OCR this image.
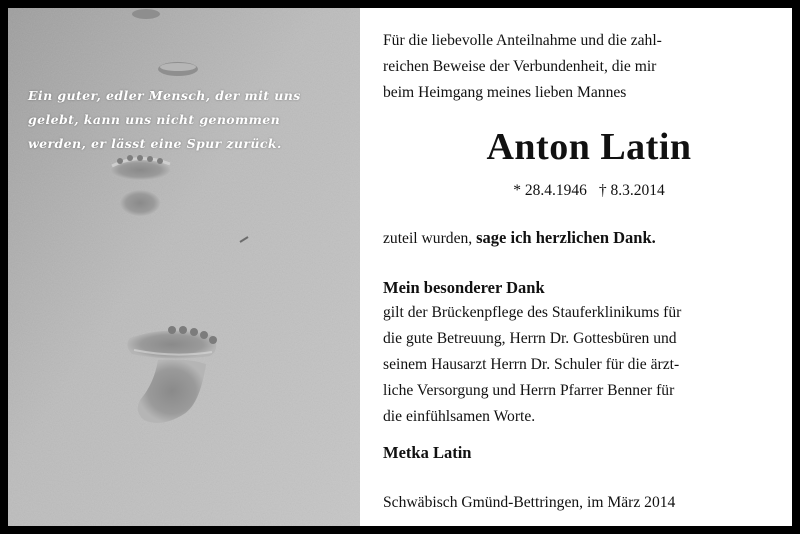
Ein guter, edler Mensch, der mit uns
gelebt, kann uns nicht genommen
werden, er lässt eine Spur zurück.
Für die liebevolle Anteilnahme und die zahl-
reichen Beweise der Verbundenheit, die mir
beim Heimgang meines lieben Mannes
Anton Latin
* 28.4.1946 † 8.3.2014
zuteil wurden, sage ich herzlichen Dank.
Mein besonderer Dank
gilt der Brückenpflege des Stauferklinikums für
die gute Betreuung, Herrn Dr. Gottesbüren und
seinem Hausarzt Herrn Dr. Schuler für die ärzt-
liche Versorgung und Herrn Pfarrer Benner für
die einfühlsamen Worte.
Metka Latin
Schwäbisch Gmünd-Bettringen, im März 2014
